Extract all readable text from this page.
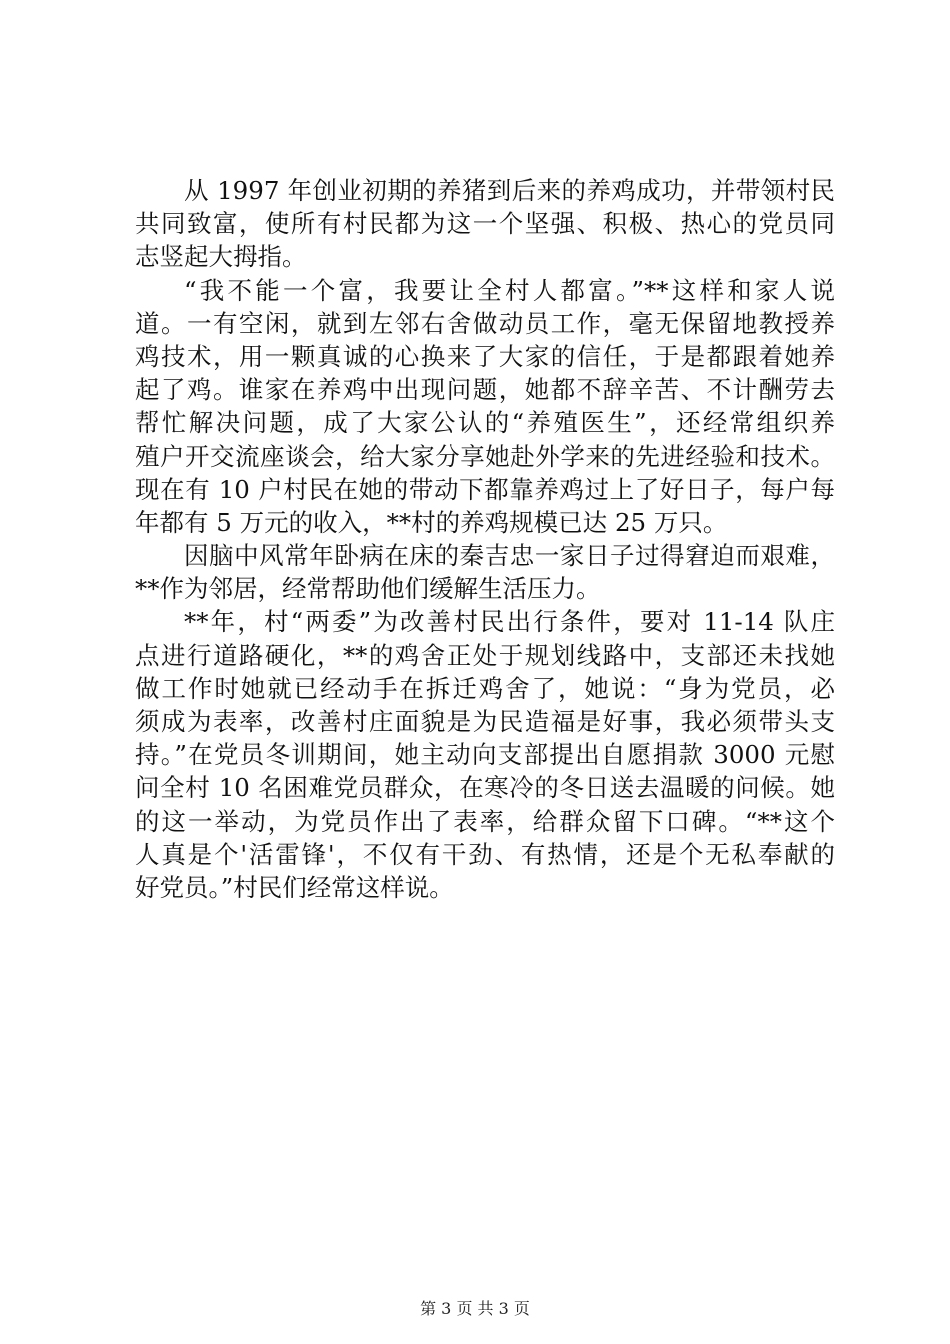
从 1997 年创业初期的养猪到后来的养鸡成功，并带领村民
共同致富，使所有村民都为这一个坚强、积极、热心的党员同
志竖起大拇指。
“我不能一个富，我要让全村人都富。”**这样和家人说
道。一有空闲，就到左邻右舍做动员工作，毫无保留地教授养
鸡技术，用一颗真诚的心换来了大家的信任，于是都跟着她养
起了鸡。谁家在养鸡中出现问题，她都不辞辛苦、不计酬劳去
帮忙解决问题，成了大家公认的“养殖医生”，还经常组织养
殖户开交流座谈会，给大家分享她赴外学来的先进经验和技术。
现在有 10 户村民在她的带动下都靠养鸡过上了好日子，每户每
年都有 5 万元的收入，**村的养鸡规模已达 25 万只。
因脑中风常年卧病在床的秦吉忠一家日子过得窘迫而艰难，
**作为邻居，经常帮助他们缓解生活压力。
**年，村“两委”为改善村民出行条件，要对 11-14 队庄
点进行道路硬化，**的鸡舍正处于规划线路中，支部还未找她
做工作时她就已经动手在拆迁鸡舍了，她说：“身为党员，必
须成为表率，改善村庄面貌是为民造福是好事，我必须带头支
持。”在党员冬训期间，她主动向支部提出自愿捐款 3000 元慰
问全村 10 名困难党员群众，在寒冷的冬日送去温暖的问候。她
的这一举动，为党员作出了表率，给群众留下口碑。“**这个
人真是个'活雷锋'，不仅有干劲、有热情，还是个无私奉献的
好党员。”村民们经常这样说。
第 3 页 共 3 页
